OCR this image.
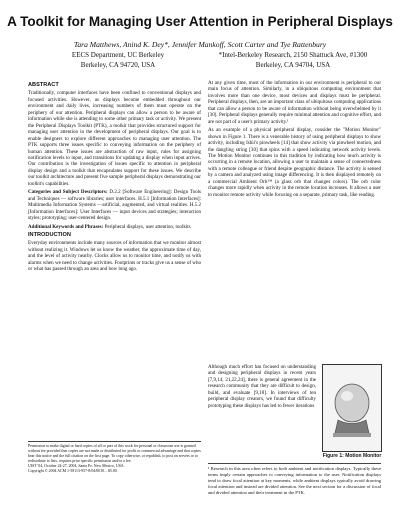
A Toolkit for Managing User Attention in Peripheral Displays
Tara Matthews, Anind K. Dey*, Jennifer Mankoff, Scott Carter and Tye Rattenbury
EECS Department, UC Berkeley
Berkeley, CA 94720, USA
*Intel-Berkeley Research, 2150 Shattuck Ave, #1300
Berkeley, CA 94704, USA
ABSTRACT

Traditionally, computer interfaces have been confined to conventional displays and focused activities. However, as displays become embedded throughout our environment and daily lives, increasing numbers of them must operate on the periphery of our attention. Peripheral displays can allow a person to be aware of information while she is attending to some other primary task or activity. We present the Peripheral Displays Toolkit (PTK), a toolkit that provides structured support for managing user attention in the development of peripheral displays. Our goal is to enable designers to explore different approaches to managing user attention. The PTK supports three issues specific to conveying information on the periphery of human attention. These issues are abstraction of raw input, rules for assigning notification levels to input, and transitions for updating a display when input arrives. Our contribution is the investigation of issues specific to attention in peripheral display design and a toolkit that encapsulates support for these issues. We describe our toolkit architecture and present five sample peripheral displays demonstrating our toolkit's capabilities.

Categories and Subject Descriptors: D.2.2 [Software Engineering]: Design Tools and Techniques — software libraries; user interfaces. H.5.1 [Information Interfaces]: Multimedia Information Systems —artificial, augmented, and virtual realities. H.5.2 [Information Interfaces]: User Interfaces — input devices and strategies; interaction styles; prototyping; user-centered design.

Additional Keywords and Phrases: Peripheral displays, user attention, toolkits

INTRODUCTION

Everyday environments include many sources of information that we monitor almost without realizing it. Windows let us know the weather, the approximate time of day, and the level of activity nearby. Clocks allow us to monitor time, and notify us with alarms when we need to change activities. Footprints or tracks give us a sense of who or what has passed through an area and how long ago.

Permission to make digital or hard copies of all or part of this work for personal or classroom use is granted without fee provided that copies are not made or distributed for profit or commercial advantage and that copies bear this notice and the full citation on the first page. To copy otherwise, or republish, to post on servers or to redistribute to lists, requires prior specific permission and/or a fee.

UIST '04, October 24-27, 2004, Santa Fe, New Mexico, USA.

Copyright © 2004 ACM 1-58113-957-8/04/0010... $5.00.

At any given time, most of the information in our environment is peripheral to our main focus of attention. Similarly, in a ubiquitous computing environment that involves more than one device, most devices and displays must be peripheral. Peripheral displays, then, are an important class of ubiquitous computing applications that can allow a person to be aware of information without being overwhelmed by it [30]. Peripheral displays generally require minimal attention and cognitive effort, and are not part of a user's primary activity.¹

As an example of a physical peripheral display, consider the "Motion Monitor" shown in Figure 1. There is a venerable history of using peripheral displays to show activity, including Ishii's pinwheels [14] that show activity via pinwheel motion, and the dangling string [30] that spins with a speed indicating network activity levels. The Motion Monitor continues in this tradition by indicating how much activity is occurring in a remote location, allowing a user to maintain a sense of connectedness with a remote colleague or friend despite geographic distance. The activity is sensed by a camera and analyzed using image differencing. It is then displayed remotely on a commercial Ambient Orb™ (a glass orb that changes colors). The orb color changes more rapidly when activity in the remote location increases. It allows a user to monitor remote activity while focusing on a separate, primary task, like reading.

Although much effort has focused on understanding and designing peripheral displays in recent years [7,9,14, 21,22,24], there is general agreement in the research community that they are difficult to design, build, and evaluate [9,18]. In interviews of ten peripheral display creators, we found that difficulty prototyping these displays has led to fewer iterations

Figure 1: Motion Monitor

¹ Research in this area often refers to both ambient and notification displays. Typically these terms imply certain approaches to conveying information to the user. Notification displays tend to draw focal attention at key moments, while ambient displays typically avoid drawing focal attention and instead are divided attention. See the next section for a discussion of focal and divided attention and their treatment in the PTK.
